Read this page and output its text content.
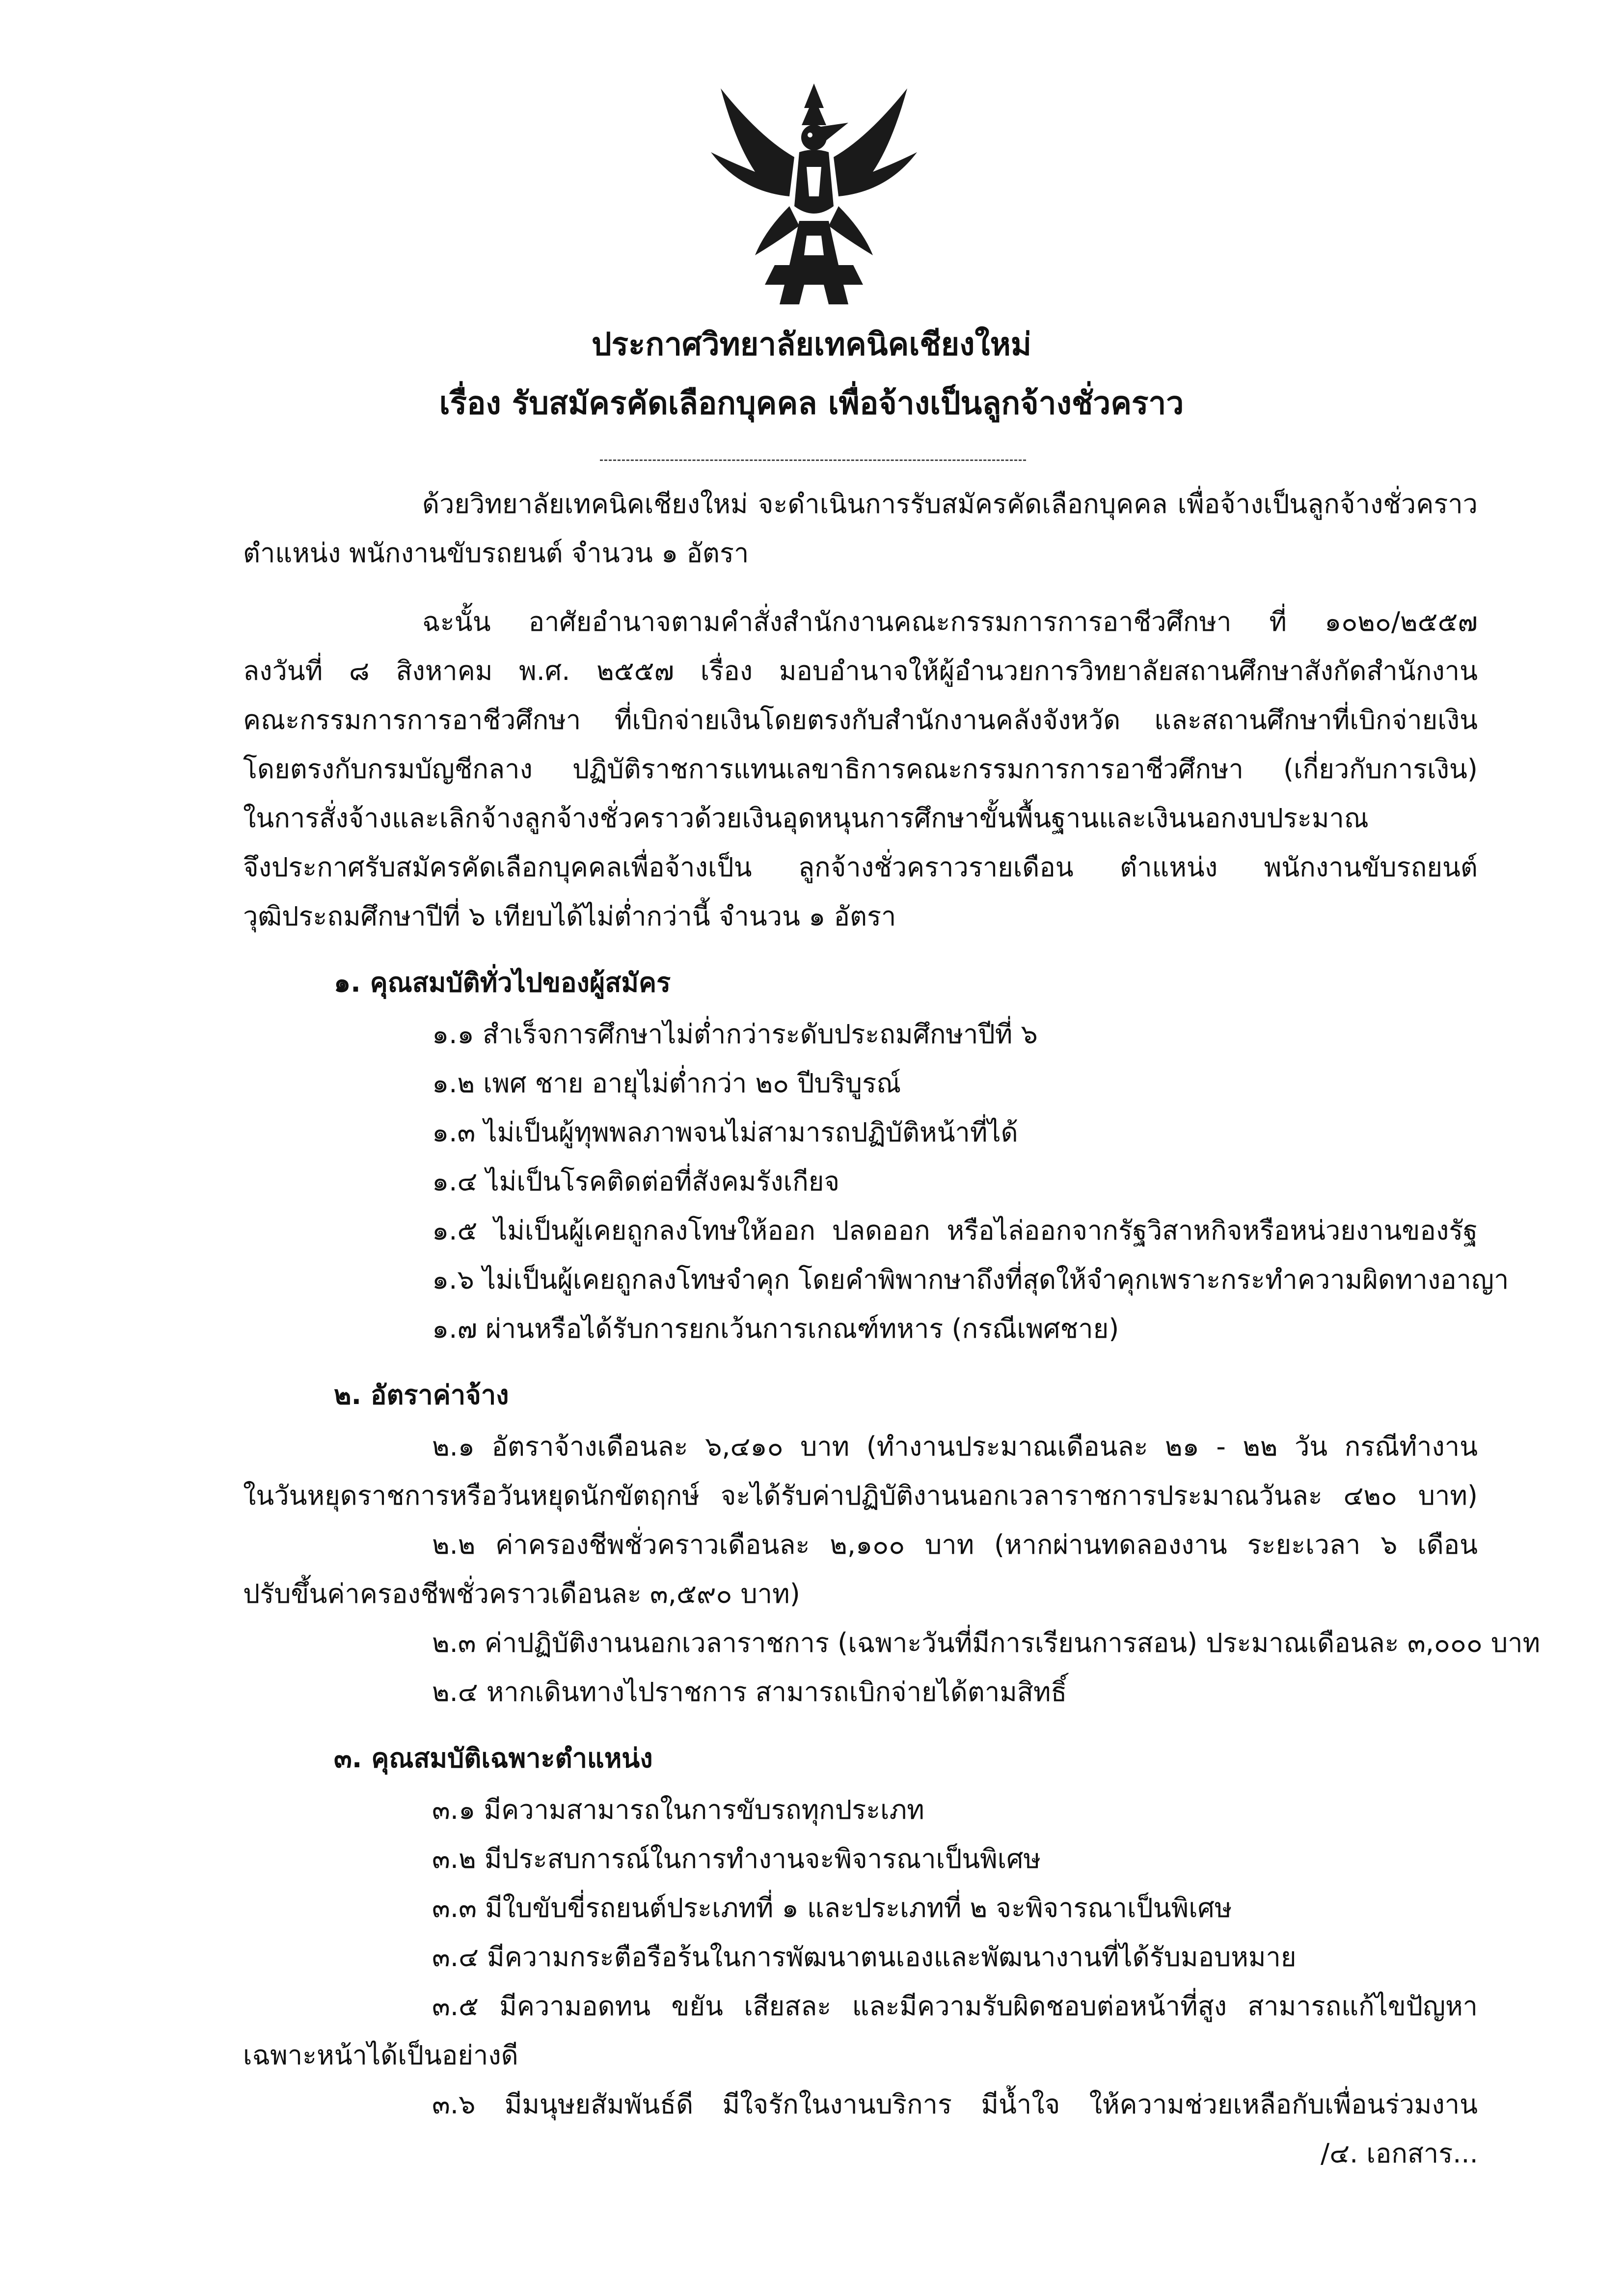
ประกาศวิทยาลัยเทคนิคเชียงใหม่
เรื่อง รับสมัครคัดเลือกบุคคล เพื่อจ้างเป็นลูกจ้างชั่วคราว
ด้วยวิทยาลัยเทคนิคเชียงใหม่ จะดำเนินการรับสมัครคัดเลือกบุคคล เพื่อจ้างเป็นลูกจ้างชั่วคราว
ตำแหน่ง พนักงานขับรถยนต์ จำนวน ๑ อัตรา
ฉะนั้น อาศัยอำนาจตามคำสั่งสำนักงานคณะกรรมการการอาชีวศึกษา ที่ ๑๐๒๐/๒๕๕๗
ลงวันที่ ๘ สิงหาคม พ.ศ. ๒๕๕๗ เรื่อง มอบอำนาจให้ผู้อำนวยการวิทยาลัยสถานศึกษาสังกัดสำนักงาน
คณะกรรมการการอาชีวศึกษา ที่เบิกจ่ายเงินโดยตรงกับสำนักงานคลังจังหวัด และสถานศึกษาที่เบิกจ่ายเงิน
โดยตรงกับกรมบัญชีกลาง ปฏิบัติราชการแทนเลขาธิการคณะกรรมการการอาชีวศึกษา (เกี่ยวกับการเงิน)
ในการสั่งจ้างและเลิกจ้างลูกจ้างชั่วคราวด้วยเงินอุดหนุนการศึกษาขั้นพื้นฐานและเงินนอกงบประมาณ
จึงประกาศรับสมัครคัดเลือกบุคคลเพื่อจ้างเป็น ลูกจ้างชั่วคราวรายเดือน ตำแหน่ง พนักงานขับรถยนต์
วุฒิประถมศึกษาปีที่ ๖ เทียบได้ไม่ต่ำกว่านี้ จำนวน ๑ อัตรา
๑. คุณสมบัติทั่วไปของผู้สมัคร
๑.๑ สำเร็จการศึกษาไม่ต่ำกว่าระดับประถมศึกษาปีที่ ๖
๑.๒ เพศ ชาย อายุไม่ต่ำกว่า ๒๐ ปีบริบูรณ์
๑.๓ ไม่เป็นผู้ทุพพลภาพจนไม่สามารถปฏิบัติหน้าที่ได้
๑.๔ ไม่เป็นโรคติดต่อที่สังคมรังเกียจ
๑.๕ ไม่เป็นผู้เคยถูกลงโทษให้ออก ปลดออก หรือไล่ออกจากรัฐวิสาหกิจหรือหน่วยงานของรัฐ
๑.๖ ไม่เป็นผู้เคยถูกลงโทษจำคุก โดยคำพิพากษาถึงที่สุดให้จำคุกเพราะกระทำความผิดทางอาญา
๑.๗ ผ่านหรือได้รับการยกเว้นการเกณฑ์ทหาร (กรณีเพศชาย)
๒. อัตราค่าจ้าง
๒.๑ อัตราจ้างเดือนละ ๖,๔๑๐ บาท (ทำงานประมาณเดือนละ ๒๑ - ๒๒ วัน กรณีทำงาน
ในวันหยุดราชการหรือวันหยุดนักขัตฤกษ์ จะได้รับค่าปฏิบัติงานนอกเวลาราชการประมาณวันละ ๔๒๐ บาท)
๒.๒ ค่าครองชีพชั่วคราวเดือนละ ๒,๑๐๐ บาท (หากผ่านทดลองงาน ระยะเวลา ๖ เดือน
ปรับขึ้นค่าครองชีพชั่วคราวเดือนละ ๓,๕๙๐ บาท)
๒.๓ ค่าปฏิบัติงานนอกเวลาราชการ (เฉพาะวันที่มีการเรียนการสอน) ประมาณเดือนละ ๓,๐๐๐ บาท
๒.๔ หากเดินทางไปราชการ สามารถเบิกจ่ายได้ตามสิทธิ์
๓. คุณสมบัติเฉพาะตำแหน่ง
๓.๑ มีความสามารถในการขับรถทุกประเภท
๓.๒ มีประสบการณ์ในการทำงานจะพิจารณาเป็นพิเศษ
๓.๓ มีใบขับขี่รถยนต์ประเภทที่ ๑ และประเภทที่ ๒ จะพิจารณาเป็นพิเศษ
๓.๔ มีความกระตือรือร้นในการพัฒนาตนเองและพัฒนางานที่ได้รับมอบหมาย
๓.๕ มีความอดทน ขยัน เสียสละ และมีความรับผิดชอบต่อหน้าที่สูง สามารถแก้ไขปัญหา
เฉพาะหน้าได้เป็นอย่างดี
๓.๖ มีมนุษยสัมพันธ์ดี มีใจรักในงานบริการ มีน้ำใจ ให้ความช่วยเหลือกับเพื่อนร่วมงาน
/๔. เอกสาร...
